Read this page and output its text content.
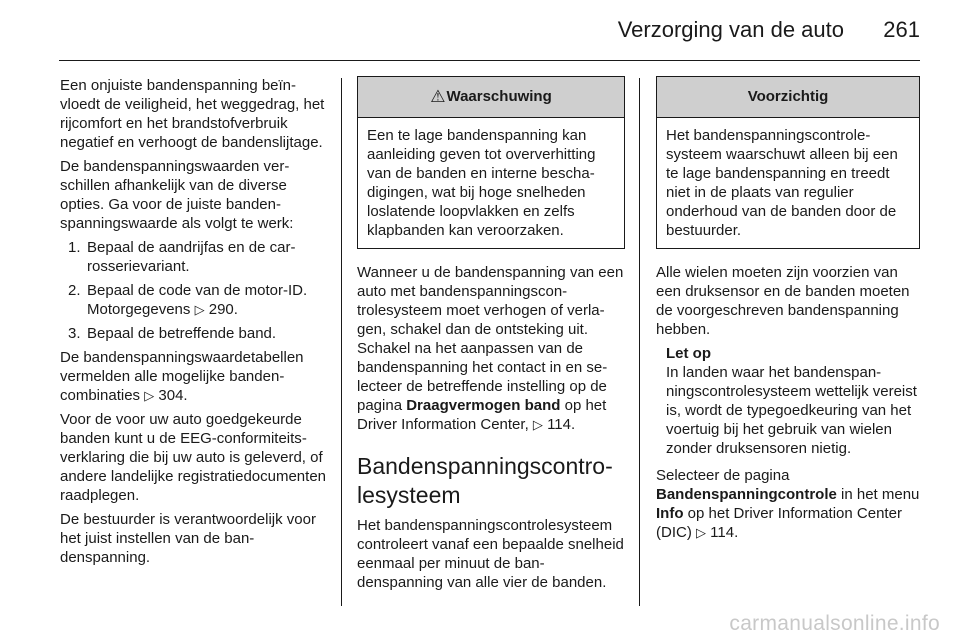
Verzorging van de auto	261

Een onjuiste bandenspanning beïnvloedt de veiligheid, het weggedrag, het rijcomfort en het brandstofverbruik negatief en verhoogt de bandenslijtage.

De bandenspanningswaarden verschillen afhankelijk van de diverse opties. Ga voor de juiste bandenspanningswaarde als volgt te werk:

1. Bepaal de aandrijfas en de carrosserievariant.
2. Bepaal de code van de motor-ID. Motorgegevens ▷ 290.
3. Bepaal de betreffende band.

De bandenspanningswaardetabellen vermelden alle mogelijke bandencombinaties ▷ 304.

Voor de voor uw auto goedgekeurde banden kunt u de EEG-conformiteitsverklaring die bij uw auto is geleverd, of andere landelijke registratiedocumenten raadplegen.

De bestuurder is verantwoordelijk voor het juist instellen van de bandenspanning.

⚠Waarschuwing
Een te lage bandenspanning kan aanleiding geven tot oververhitting van de banden en interne beschadigingen, wat bij hoge snelheden loslatende loopvlakken en zelfs klapbanden kan veroorzaken.

Wanneer u de bandenspanning van een auto met bandenspanningscontrolesysteem moet verhogen of verlagen, schakel dan de ontsteking uit. Schakel na het aanpassen van de bandenspanning het contact in en selecteer de betreffende instelling op de pagina Draagvermogen band op het Driver Information Center, ▷ 114.

Bandenspanningscontrolesysteem

Het bandenspanningscontrolesysteem controleert vanaf een bepaalde snelheid eenmaal per minuut de bandenspanning van alle vier de banden.

Voorzichtig
Het bandenspanningscontrolesysteem waarschuwt alleen bij een te lage bandenspanning en treedt niet in de plaats van regulier onderhoud van de banden door de bestuurder.

Alle wielen moeten zijn voorzien van een druksensor en de banden moeten de voorgeschreven bandenspanning hebben.

Let op
In landen waar het bandenspanningscontrolesysteem wettelijk vereist is, wordt de typegoedkeuring van het voertuig bij het gebruik van wielen zonder druksensoren nietig.

Selecteer de pagina Bandenspanningcontrole in het menu Info op het Driver Information Center (DIC) ▷ 114.

carmanualsonline.info
